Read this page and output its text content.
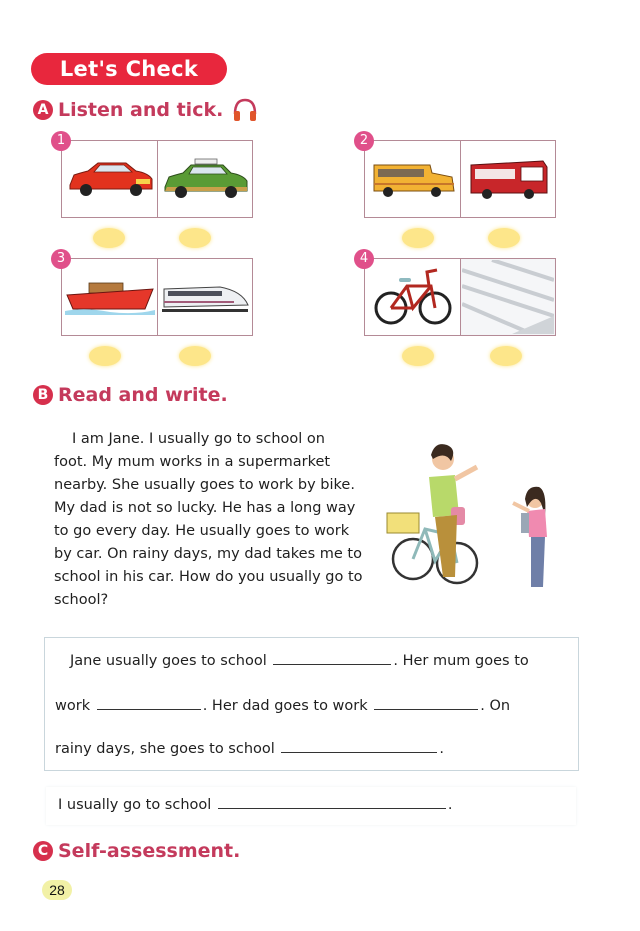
Let's Check
A Listen and tick.
1	2
3	4
B Read and write.
I am Jane. I usually go to school on
foot. My mum works in a supermarket
nearby. She usually goes to work by bike.
My dad is not so lucky. He has a long way
to go every day. He usually goes to work
by car. On rainy days, my dad takes me to
school in his car. How do you usually go to
school?
Jane usually goes to school	. Her mum goes to
work	. Her dad goes to work	. On
rainy days, she goes to school	.
I usually go to school	.
C Self-assessment.
28
